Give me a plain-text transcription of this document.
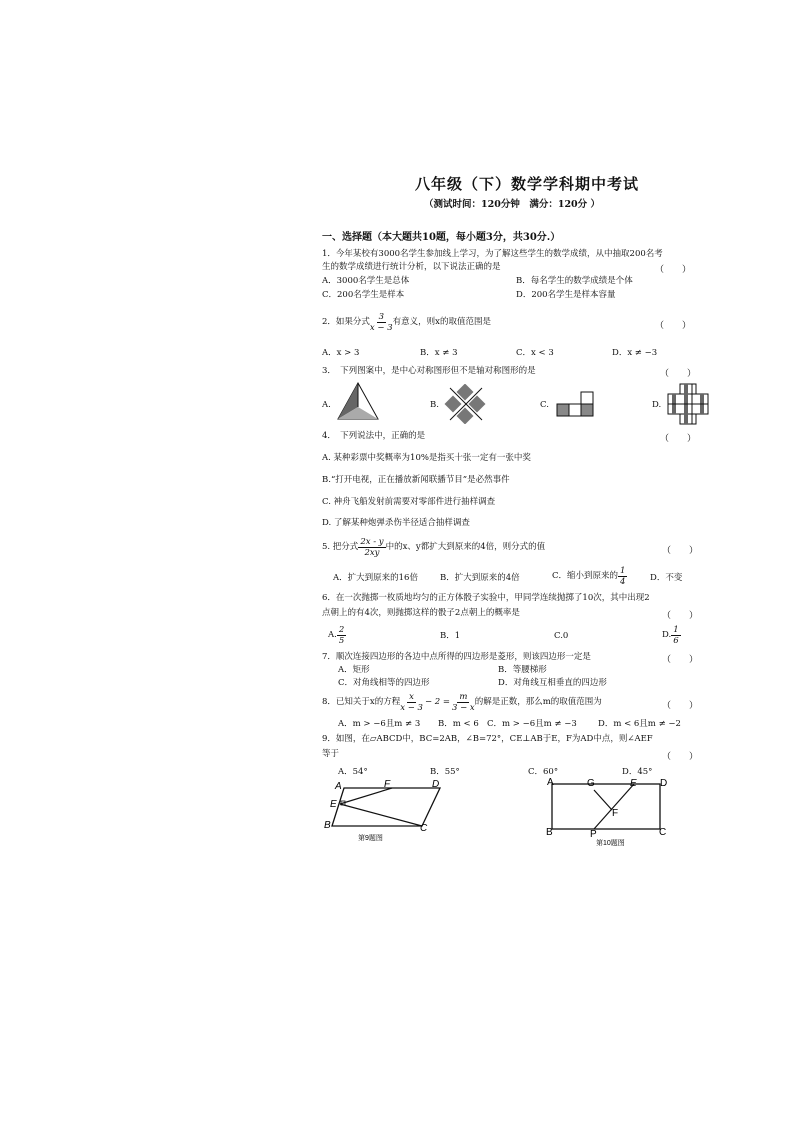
八年级（下）数学学科期中考试
（测试时间：120分钟　满分：120分 ）
一、选择题（本大题共10题，每小题3分，共30分.）
1．今年某校有3000名学生参加线上学习，为了解这些学生的数学成绩，从中抽取200名考
生的数学成绩进行统计分析，以下说法正确的是	（　　）
A．3000名学生是总体	B．每名学生的数学成绩是个体
C．200名学生是样本	D．200名学生是样本容量
2．如果分式 $\frac{3}{x - 3}$ 有意义，则x的取值范围是	（　　）
A．x > 3	B．x ≠ 3	C．x < 3	D．x ≠ −3
3．　下列图案中，是中心对称图形但不是轴对称图形的是	（　　）
A.	B.	C.	D.
4．　下列说法中，正确的是	（　　）
A. 某种彩票中奖概率为10%是指买十张一定有一张中奖
B.“打开电视，正在播放新闻联播节目”是必然事件
C. 神舟飞船发射前需要对零部件进行抽样调查
D. 了解某种炮弹杀伤半径适合抽样调查
5. 把分式 $\frac{2x - y}{2xy}$ 中的x、y都扩大到原来的4倍，则分式的值	（　　）
A．扩大到原来的16倍	B．扩大到原来的4倍	C．缩小到原来的 $\frac{1}{4}$	D．不变
6．在一次抛掷一枚质地均匀的正方体骰子实验中，甲同学连续抛掷了10次，其中出现2
点朝上的有4次，则抛掷这样的骰子2点朝上的概率是	（　　）
A. $\frac{2}{5}$	B．1	C.0	D. $\frac{1}{6}$
7．顺次连接四边形的各边中点所得的四边形是菱形，则该四边形一定是	（　　）
A．矩形	B．等腰梯形
C．对角线相等的四边形	D．对角线互相垂直的四边形
8．已知关于x的方程 $\frac{x}{x - 3} - 2 = \frac{m}{3 - x}$ 的解是正数，那么m的取值范围为	（　　）
A．m > −6且m ≠ 3 B．m < 6 C．m > −6且m ≠ −3	D．m < 6且m ≠ −2
9．如图，在▱ABCD中，BC=2AB，∠B=72°，CE⊥AB于E，F为AD中点，则∠AEF
等于	（　　）
A．54°	B．55°	C．60°	D．45°
A	F	D
E
B	C
第9题图
A	G	E D
F
B	P	C
第10题图
